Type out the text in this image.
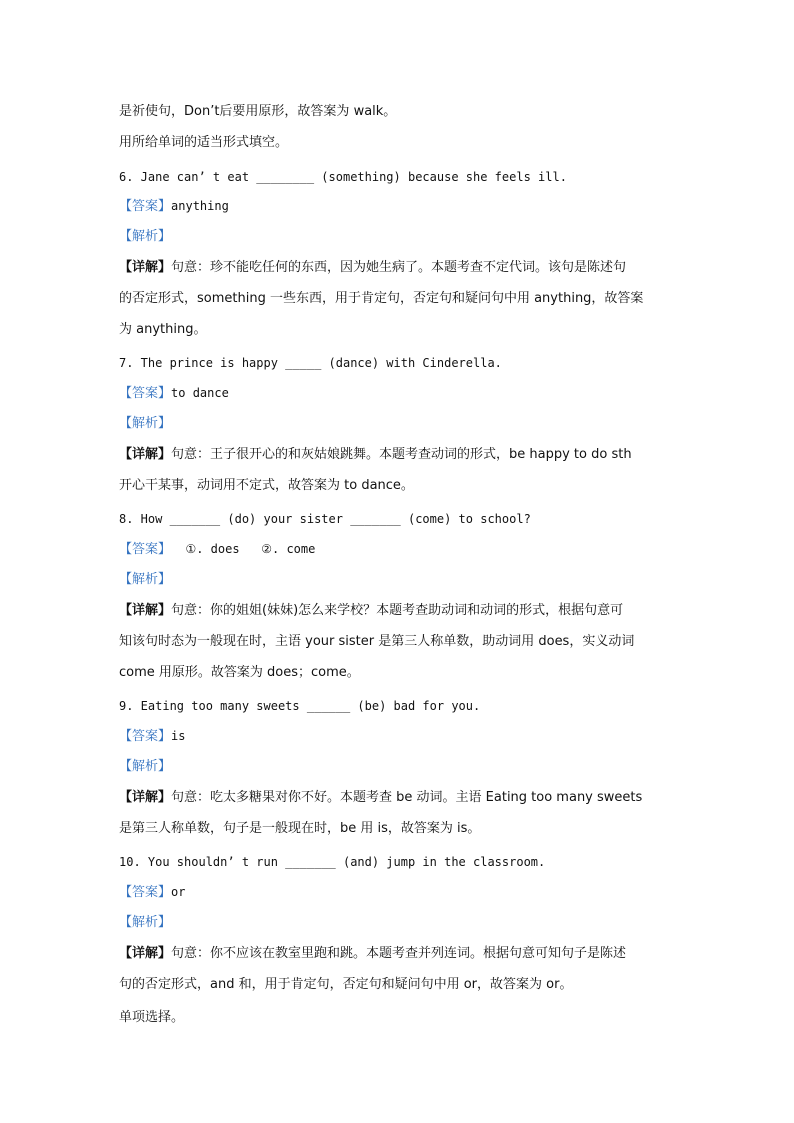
是祈使句，Don’t后要用原形，故答案为 walk。
用所给单词的适当形式填空。
6. Jane can’ t eat ________ (something) because she feels ill.
【答案】anything
【解析】
【详解】句意：珍不能吃任何的东西，因为她生病了。本题考查不定代词。该句是陈述句
的否定形式，something 一些东西，用于肯定句，否定句和疑问句中用 anything，故答案
为 anything。
7. The prince is happy _____ (dance) with Cinderella.
【答案】to dance
【解析】
【详解】句意：王子很开心的和灰姑娘跳舞。本题考查动词的形式，be happy to do sth
开心干某事，动词用不定式，故答案为 to dance。
8. How _______ (do) your sister _______ (come) to school?
【答案】  ①. does   ②. come
【解析】
【详解】句意：你的姐姐(妹妹)怎么来学校？本题考查助动词和动词的形式，根据句意可
知该句时态为一般现在时，主语 your sister 是第三人称单数，助动词用 does，实义动词
come 用原形。故答案为 does；come。
9. Eating too many sweets ______ (be) bad for you.
【答案】is
【解析】
【详解】句意：吃太多糖果对你不好。本题考查 be 动词。主语 Eating too many sweets
是第三人称单数，句子是一般现在时，be 用 is，故答案为 is。
10. You shouldn’ t run _______ (and) jump in the classroom.
【答案】or
【解析】
【详解】句意：你不应该在教室里跑和跳。本题考查并列连词。根据句意可知句子是陈述
句的否定形式，and 和，用于肯定句，否定句和疑问句中用 or，故答案为 or。
单项选择。
